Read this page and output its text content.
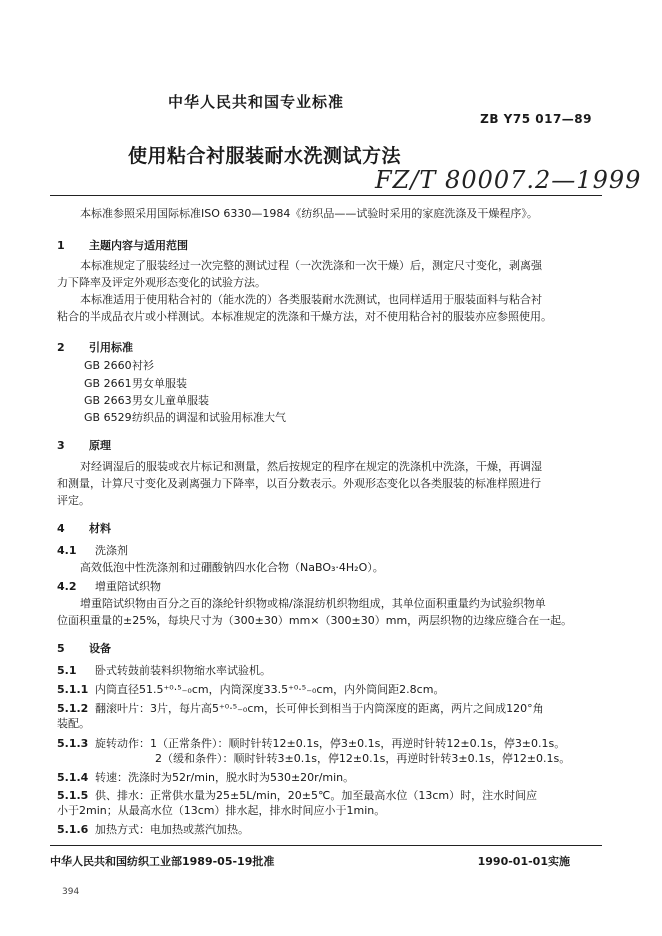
中华人民共和国专业标准
ZB Y75 017—89
使用粘合衬服装耐水洗测试方法
FZ/T 80007.2—1999
本标准参照采用国际标准ISO 6330—1984《纺织品——试验时采用的家庭洗涤及干燥程序》。
1 主题内容与适用范围
本标准规定了服装经过一次完整的测试过程（一次洗涤和一次干燥）后，测定尺寸变化，剥离强
力下降率及评定外观形态变化的试验方法。
本标准适用于使用粘合衬的（能水洗的）各类服装耐水洗测试，也同样适用于服装面料与粘合衬
粘合的半成品衣片或小样测试。本标准规定的洗涤和干燥方法，对不使用粘合衬的服装亦应参照使用。
2 引用标准
GB 2660衬衫
GB 2661男女单服装
GB 2663男女儿童单服装
GB 6529纺织品的调湿和试验用标准大气
3 原理
对经调湿后的服装或衣片标记和测量，然后按规定的程序在规定的洗涤机中洗涤，干燥，再调湿
和测量，计算尺寸变化及剥离强力下降率，以百分数表示。外观形态变化以各类服装的标准样照进行
评定。
4 材料
4.1 洗涤剂
高效低泡中性洗涤剂和过硼酸钠四水化合物（NaBO₃·4H₂O）。
4.2 增重陪试织物
增重陪试织物由百分之百的涤纶针织物或棉/涤混纺机织物组成，其单位面积重量约为试验织物单
位面积重量的±25%，每块尺寸为（300±30）mm×（300±30）mm，两层织物的边缘应缝合在一起。
5 设备
5.1 卧式转鼓前装料织物缩水率试验机。
5.1.1 内筒直径51.5⁺⁰·⁵₋₀cm，内筒深度33.5⁺⁰·⁵₋₀cm，内外筒间距2.8cm。
5.1.2 翻滚叶片：3片，每片高5⁺⁰·⁵₋₀cm，长可伸长到相当于内筒深度的距离，两片之间成120°角
装配。
5.1.3 旋转动作：1（正常条件）：顺时针转12±0.1s，停3±0.1s，再逆时针转12±0.1s，停3±0.1s。
2（缓和条件）：顺时针转3±0.1s，停12±0.1s，再逆时针转3±0.1s，停12±0.1s。
5.1.4 转速：洗涤时为52r/min，脱水时为530±20r/min。
5.1.5 供、排水：正常供水量为25±5L/min，20±5℃。加至最高水位（13cm）时，注水时间应
小于2min；从最高水位（13cm）排水起，排水时间应小于1min。
5.1.6 加热方式：电加热或蒸汽加热。
中华人民共和国纺织工业部1989-05-19批准	1990-01-01实施
394
